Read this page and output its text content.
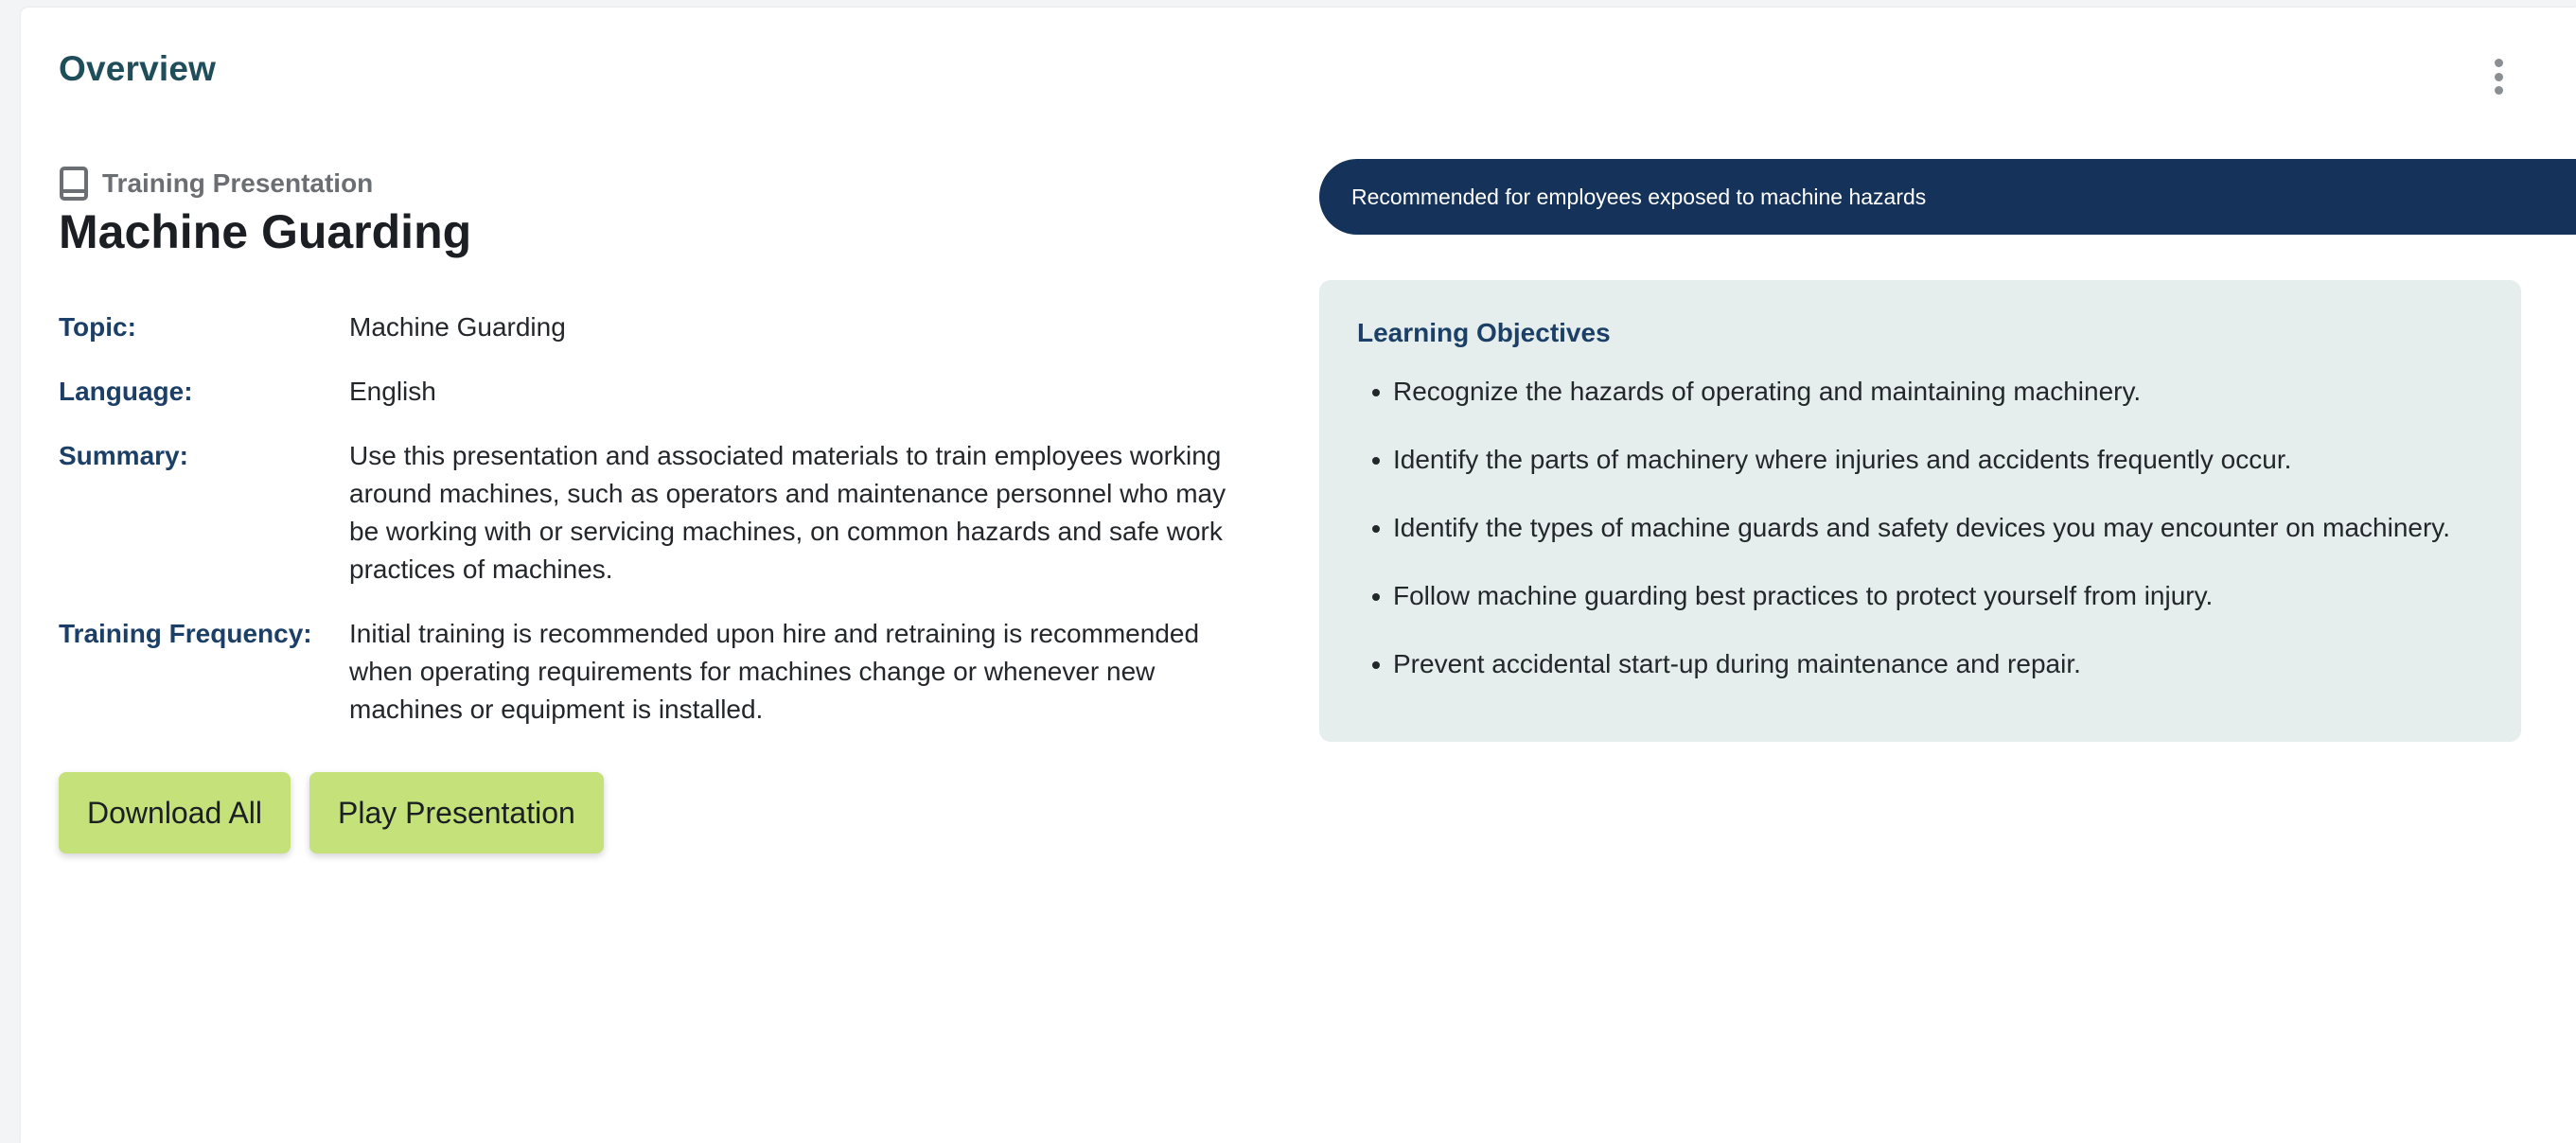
Overview
Training Presentation
Machine Guarding
Topic:	Machine Guarding
Language:	English
Summary:	Use this presentation and associated materials to train employees working around machines, such as operators and maintenance personnel who may be working with or servicing machines, on common hazards and safe work practices of machines.
Training Frequency:	Initial training is recommended upon hire and retraining is recommended when operating requirements for machines change or whenever new machines or equipment is installed.
Download All	Play Presentation
Recommended for employees exposed to machine hazards
Learning Objectives
Recognize the hazards of operating and maintaining machinery.
Identify the parts of machinery where injuries and accidents frequently occur.
Identify the types of machine guards and safety devices you may encounter on machinery.
Follow machine guarding best practices to protect yourself from injury.
Prevent accidental start-up during maintenance and repair.
